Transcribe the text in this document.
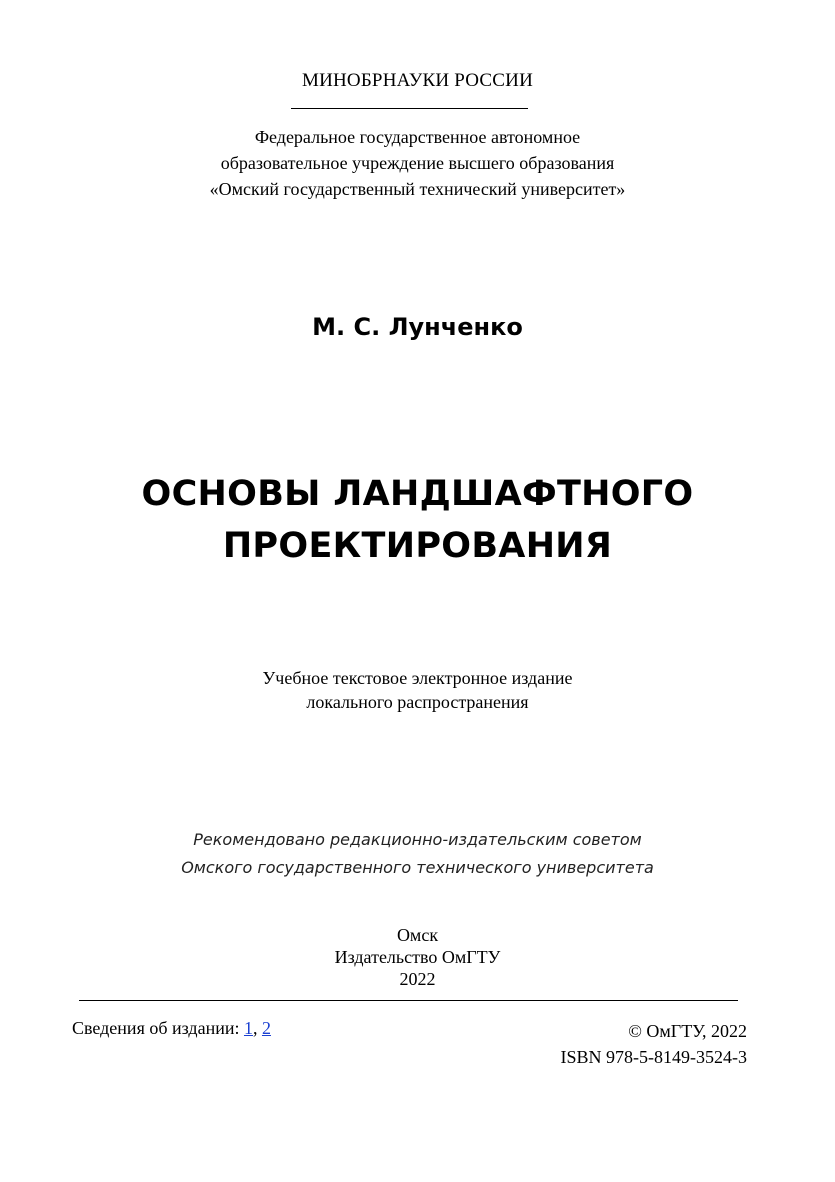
МИНОБРНАУКИ РОССИИ
Федеральное государственное автономное
образовательное учреждение высшего образования
«Омский государственный технический университет»
М. С. Лунченко
ОСНОВЫ ЛАНДШАФТНОГО
ПРОЕКТИРОВАНИЯ
Учебное текстовое электронное издание
локального распространения
Рекомендовано редакционно-издательским советом
Омского государственного технического университета
Омск
Издательство ОмГТУ
2022
Сведения об издании: 1, 2	© ОмГТУ, 2022
ISBN 978-5-8149-3524-3
